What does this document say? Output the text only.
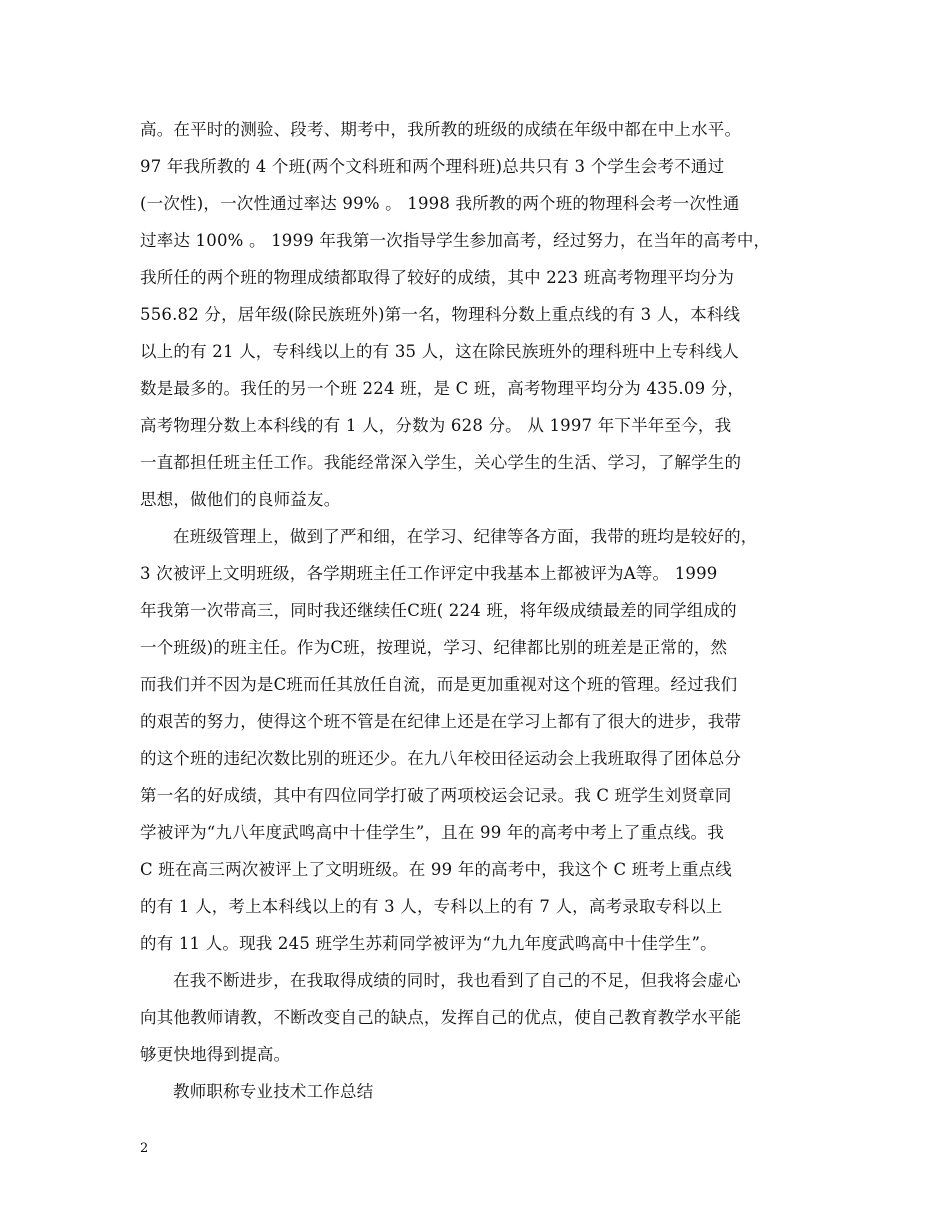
高。在平时的测验、段考、期考中，我所教的班级的成绩在年级中都在中上水平。
97 年我所教的 4 个班(两个文科班和两个理科班)总共只有 3 个学生会考不通过
(一次性)，一次性通过率达 99% 。 1998 我所教的两个班的物理科会考一次性通
过率达 100% 。 1999 年我第一次指导学生参加高考，经过努力，在当年的高考中，
我所任的两个班的物理成绩都取得了较好的成绩，其中 223 班高考物理平均分为
556.82 分，居年级(除民族班外)第一名，物理科分数上重点线的有 3 人，本科线
以上的有 21 人，专科线以上的有 35 人，这在除民族班外的理科班中上专科线人
数是最多的。我任的另一个班 224 班，是 C 班，高考物理平均分为 435.09 分，
高考物理分数上本科线的有 1 人，分数为 628 分。 从 1997 年下半年至今，我
一直都担任班主任工作。我能经常深入学生，关心学生的生活、学习，了解学生的
思想，做他们的良师益友。
在班级管理上，做到了严和细，在学习、纪律等各方面，我带的班均是较好的，
3 次被评上文明班级，各学期班主任工作评定中我基本上都被评为A等。 1999
年我第一次带高三，同时我还继续任C班( 224 班，将年级成绩最差的同学组成的
一个班级)的班主任。作为C班，按理说，学习、纪律都比别的班差是正常的，然
而我们并不因为是C班而任其放任自流，而是更加重视对这个班的管理。经过我们
的艰苦的努力，使得这个班不管是在纪律上还是在学习上都有了很大的进步，我带
的这个班的违纪次数比别的班还少。在九八年校田径运动会上我班取得了团体总分
第一名的好成绩，其中有四位同学打破了两项校运会记录。我 C 班学生刘贤章同
学被评为“九八年度武鸣高中十佳学生”，且在 99 年的高考中考上了重点线。我
C 班在高三两次被评上了文明班级。在 99 年的高考中，我这个 C 班考上重点线
的有 1 人，考上本科线以上的有 3 人，专科以上的有 7 人，高考录取专科以上
的有 11 人。现我 245 班学生苏莉同学被评为“九九年度武鸣高中十佳学生”。
在我不断进步，在我取得成绩的同时，我也看到了自己的不足，但我将会虚心
向其他教师请教，不断改变自己的缺点，发挥自己的优点，使自己教育教学水平能
够更快地得到提高。
教师职称专业技术工作总结
2
